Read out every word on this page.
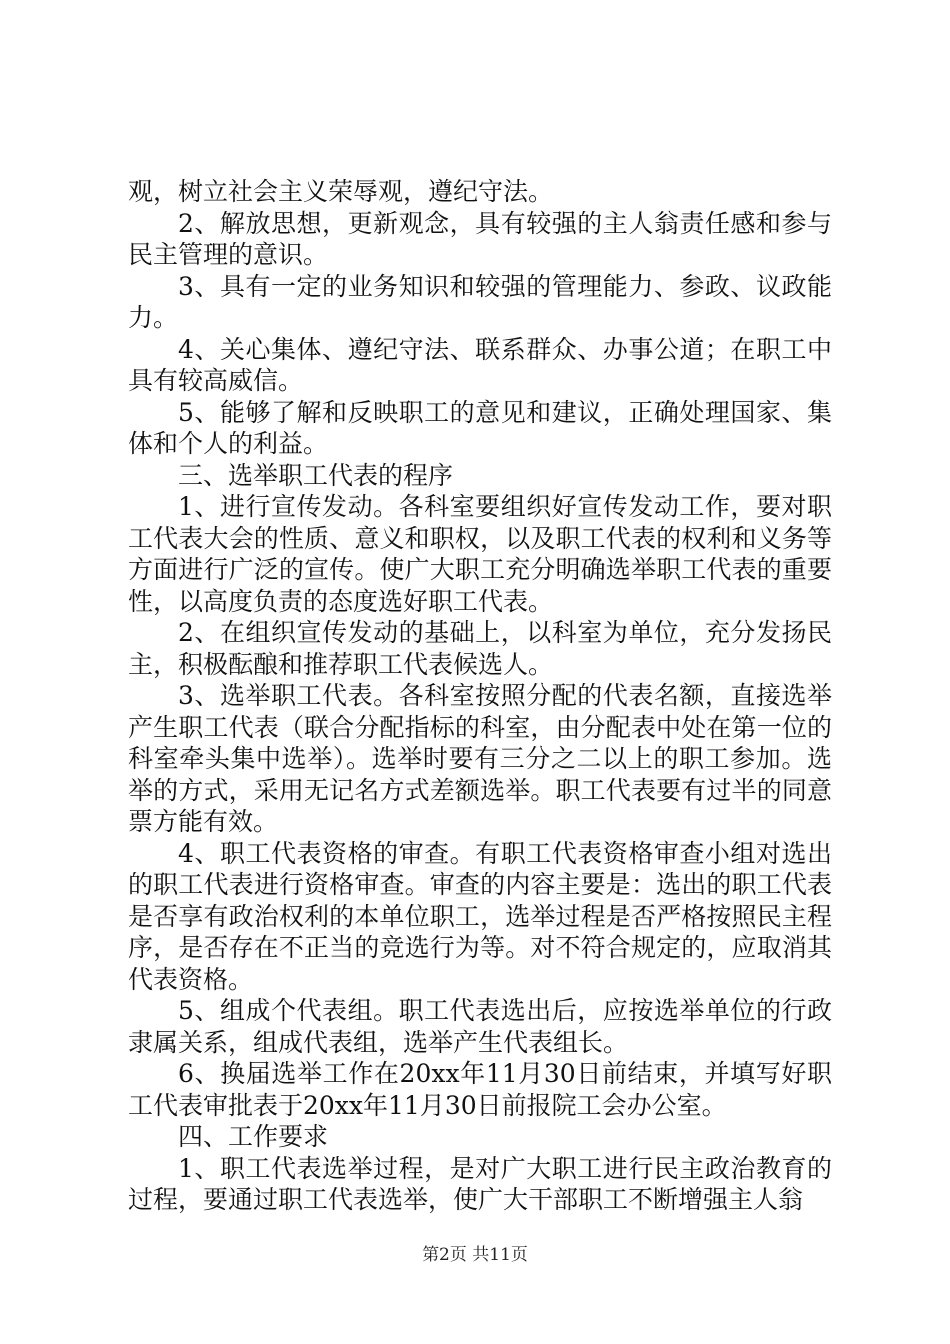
观，树立社会主义荣辱观，遵纪守法。

2、解放思想，更新观念，具有较强的主人翁责任感和参与民主管理的意识。

3、具有一定的业务知识和较强的管理能力、参政、议政能力。

4、关心集体、遵纪守法、联系群众、办事公道；在职工中具有较高威信。

5、能够了解和反映职工的意见和建议，正确处理国家、集体和个人的利益。

三、选举职工代表的程序

1、进行宣传发动。各科室要组织好宣传发动工作，要对职工代表大会的性质、意义和职权，以及职工代表的权利和义务等方面进行广泛的宣传。使广大职工充分明确选举职工代表的重要性，以高度负责的态度选好职工代表。

2、在组织宣传发动的基础上，以科室为单位，充分发扬民主，积极酝酿和推荐职工代表候选人。

3、选举职工代表。各科室按照分配的代表名额，直接选举产生职工代表（联合分配指标的科室，由分配表中处在第一位的科室牵头集中选举）。选举时要有三分之二以上的职工参加。选举的方式，采用无记名方式差额选举。职工代表要有过半的同意票方能有效。

4、职工代表资格的审查。有职工代表资格审查小组对选出的职工代表进行资格审查。审查的内容主要是：选出的职工代表是否享有政治权利的本单位职工，选举过程是否严格按照民主程序，是否存在不正当的竞选行为等。对不符合规定的，应取消其代表资格。

5、组成个代表组。职工代表选出后，应按选举单位的行政隶属关系，组成代表组，选举产生代表组长。

6、换届选举工作在20xx年11月30日前结束，并填写好职工代表审批表于20xx年11月30日前报院工会办公室。

四、工作要求

1、职工代表选举过程，是对广大职工进行民主政治教育的过程，要通过职工代表选举，使广大干部职工不断增强主人翁

第2页 共11页
